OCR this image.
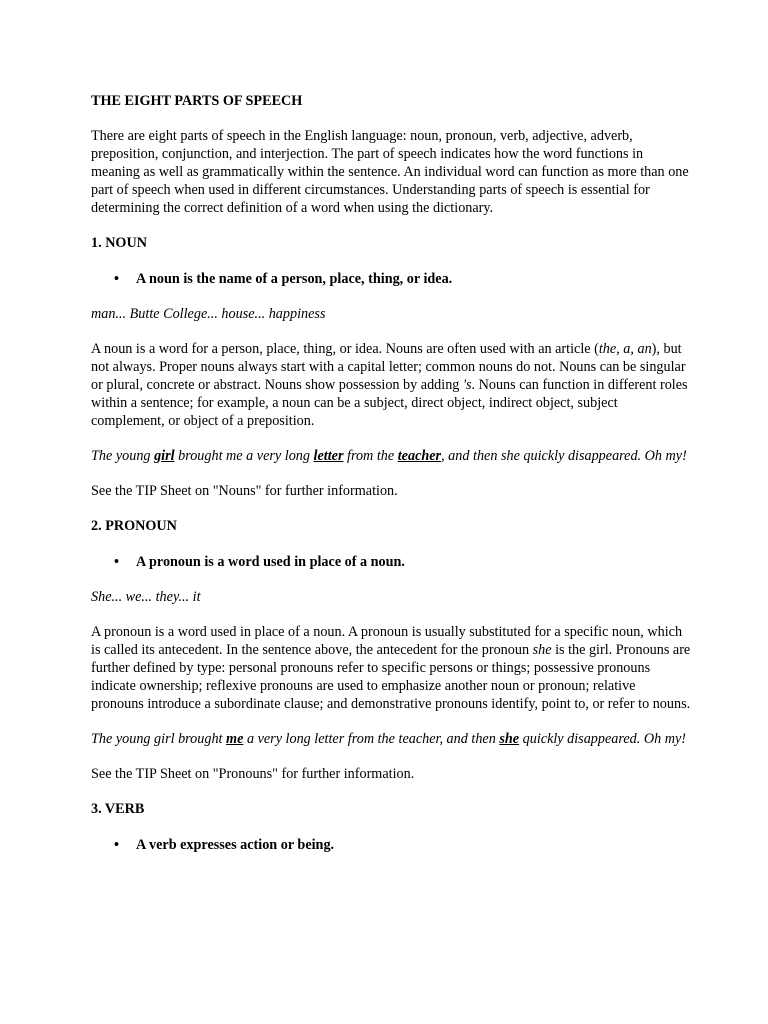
THE EIGHT PARTS OF SPEECH

There are eight parts of speech in the English language: noun, pronoun, verb, adjective, adverb, preposition, conjunction, and interjection. The part of speech indicates how the word functions in meaning as well as grammatically within the sentence. An individual word can function as more than one part of speech when used in different circumstances. Understanding parts of speech is essential for determining the correct definition of a word when using the dictionary.

1. NOUN

• A noun is the name of a person, place, thing, or idea.

man... Butte College... house... happiness

A noun is a word for a person, place, thing, or idea. Nouns are often used with an article (the, a, an), but not always. Proper nouns always start with a capital letter; common nouns do not. Nouns can be singular or plural, concrete or abstract. Nouns show possession by adding 's. Nouns can function in different roles within a sentence; for example, a noun can be a subject, direct object, indirect object, subject complement, or object of a preposition.

The young girl brought me a very long letter from the teacher, and then she quickly disappeared. Oh my!

See the TIP Sheet on "Nouns" for further information.

2. PRONOUN

• A pronoun is a word used in place of a noun.

She... we... they... it

A pronoun is a word used in place of a noun. A pronoun is usually substituted for a specific noun, which is called its antecedent. In the sentence above, the antecedent for the pronoun she is the girl. Pronouns are further defined by type: personal pronouns refer to specific persons or things; possessive pronouns indicate ownership; reflexive pronouns are used to emphasize another noun or pronoun; relative pronouns introduce a subordinate clause; and demonstrative pronouns identify, point to, or refer to nouns.

The young girl brought me a very long letter from the teacher, and then she quickly disappeared. Oh my!

See the TIP Sheet on "Pronouns" for further information.

3. VERB

• A verb expresses action or being.
